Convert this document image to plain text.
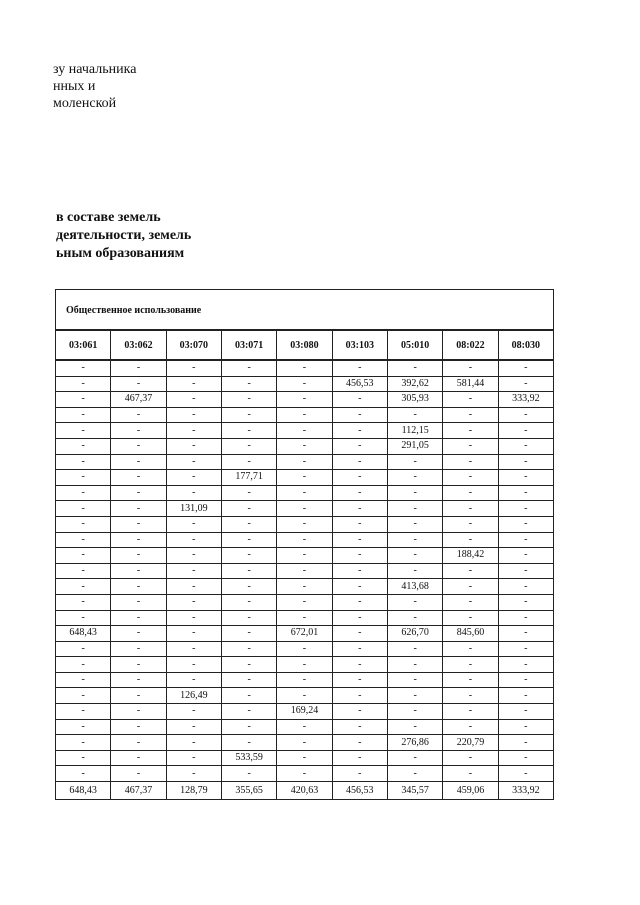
зу начальника
нных и
моленской
в составе земель
деятельности, земель
ьным образованиям
Общественное использование
03:061	03:062	03:070	03:071	03:080	03:103	05:010	08:022	08:030
-	-	-	-	-	-	-	-	-
-	-	-	-	-	456,53	392,62	581,44	-
-	467,37	-	-	-	-	305,93	-	333,92
-	-	-	-	-	-	-	-	-
-	-	-	-	-	-	112,15	-	-
-	-	-	-	-	-	291,05	-	-
-	-	-	-	-	-	-	-	-
-	-	-	177,71	-	-	-	-	-
-	-	-	-	-	-	-	-	-
-	-	131,09	-	-	-	-	-	-
-	-	-	-	-	-	-	-	-
-	-	-	-	-	-	-	-	-
-	-	-	-	-	-	-	188,42	-
-	-	-	-	-	-	-	-	-
-	-	-	-	-	-	413,68	-	-
-	-	-	-	-	-	-	-	-
-	-	-	-	-	-	-	-	-
648,43	-	-	-	672,01	-	626,70	845,60	-
-	-	-	-	-	-	-	-	-
-	-	-	-	-	-	-	-	-
-	-	-	-	-	-	-	-	-
-	-	126,49	-	-	-	-	-	-
-	-	-	-	169,24	-	-	-	-
-	-	-	-	-	-	-	-	-
-	-	-	-	-	-	276,86	220,79	-
-	-	-	533,59	-	-	-	-	-
-	-	-	-	-	-	-	-	-
648,43	467,37	128,79	355,65	420,63	456,53	345,57	459,06	333,92
